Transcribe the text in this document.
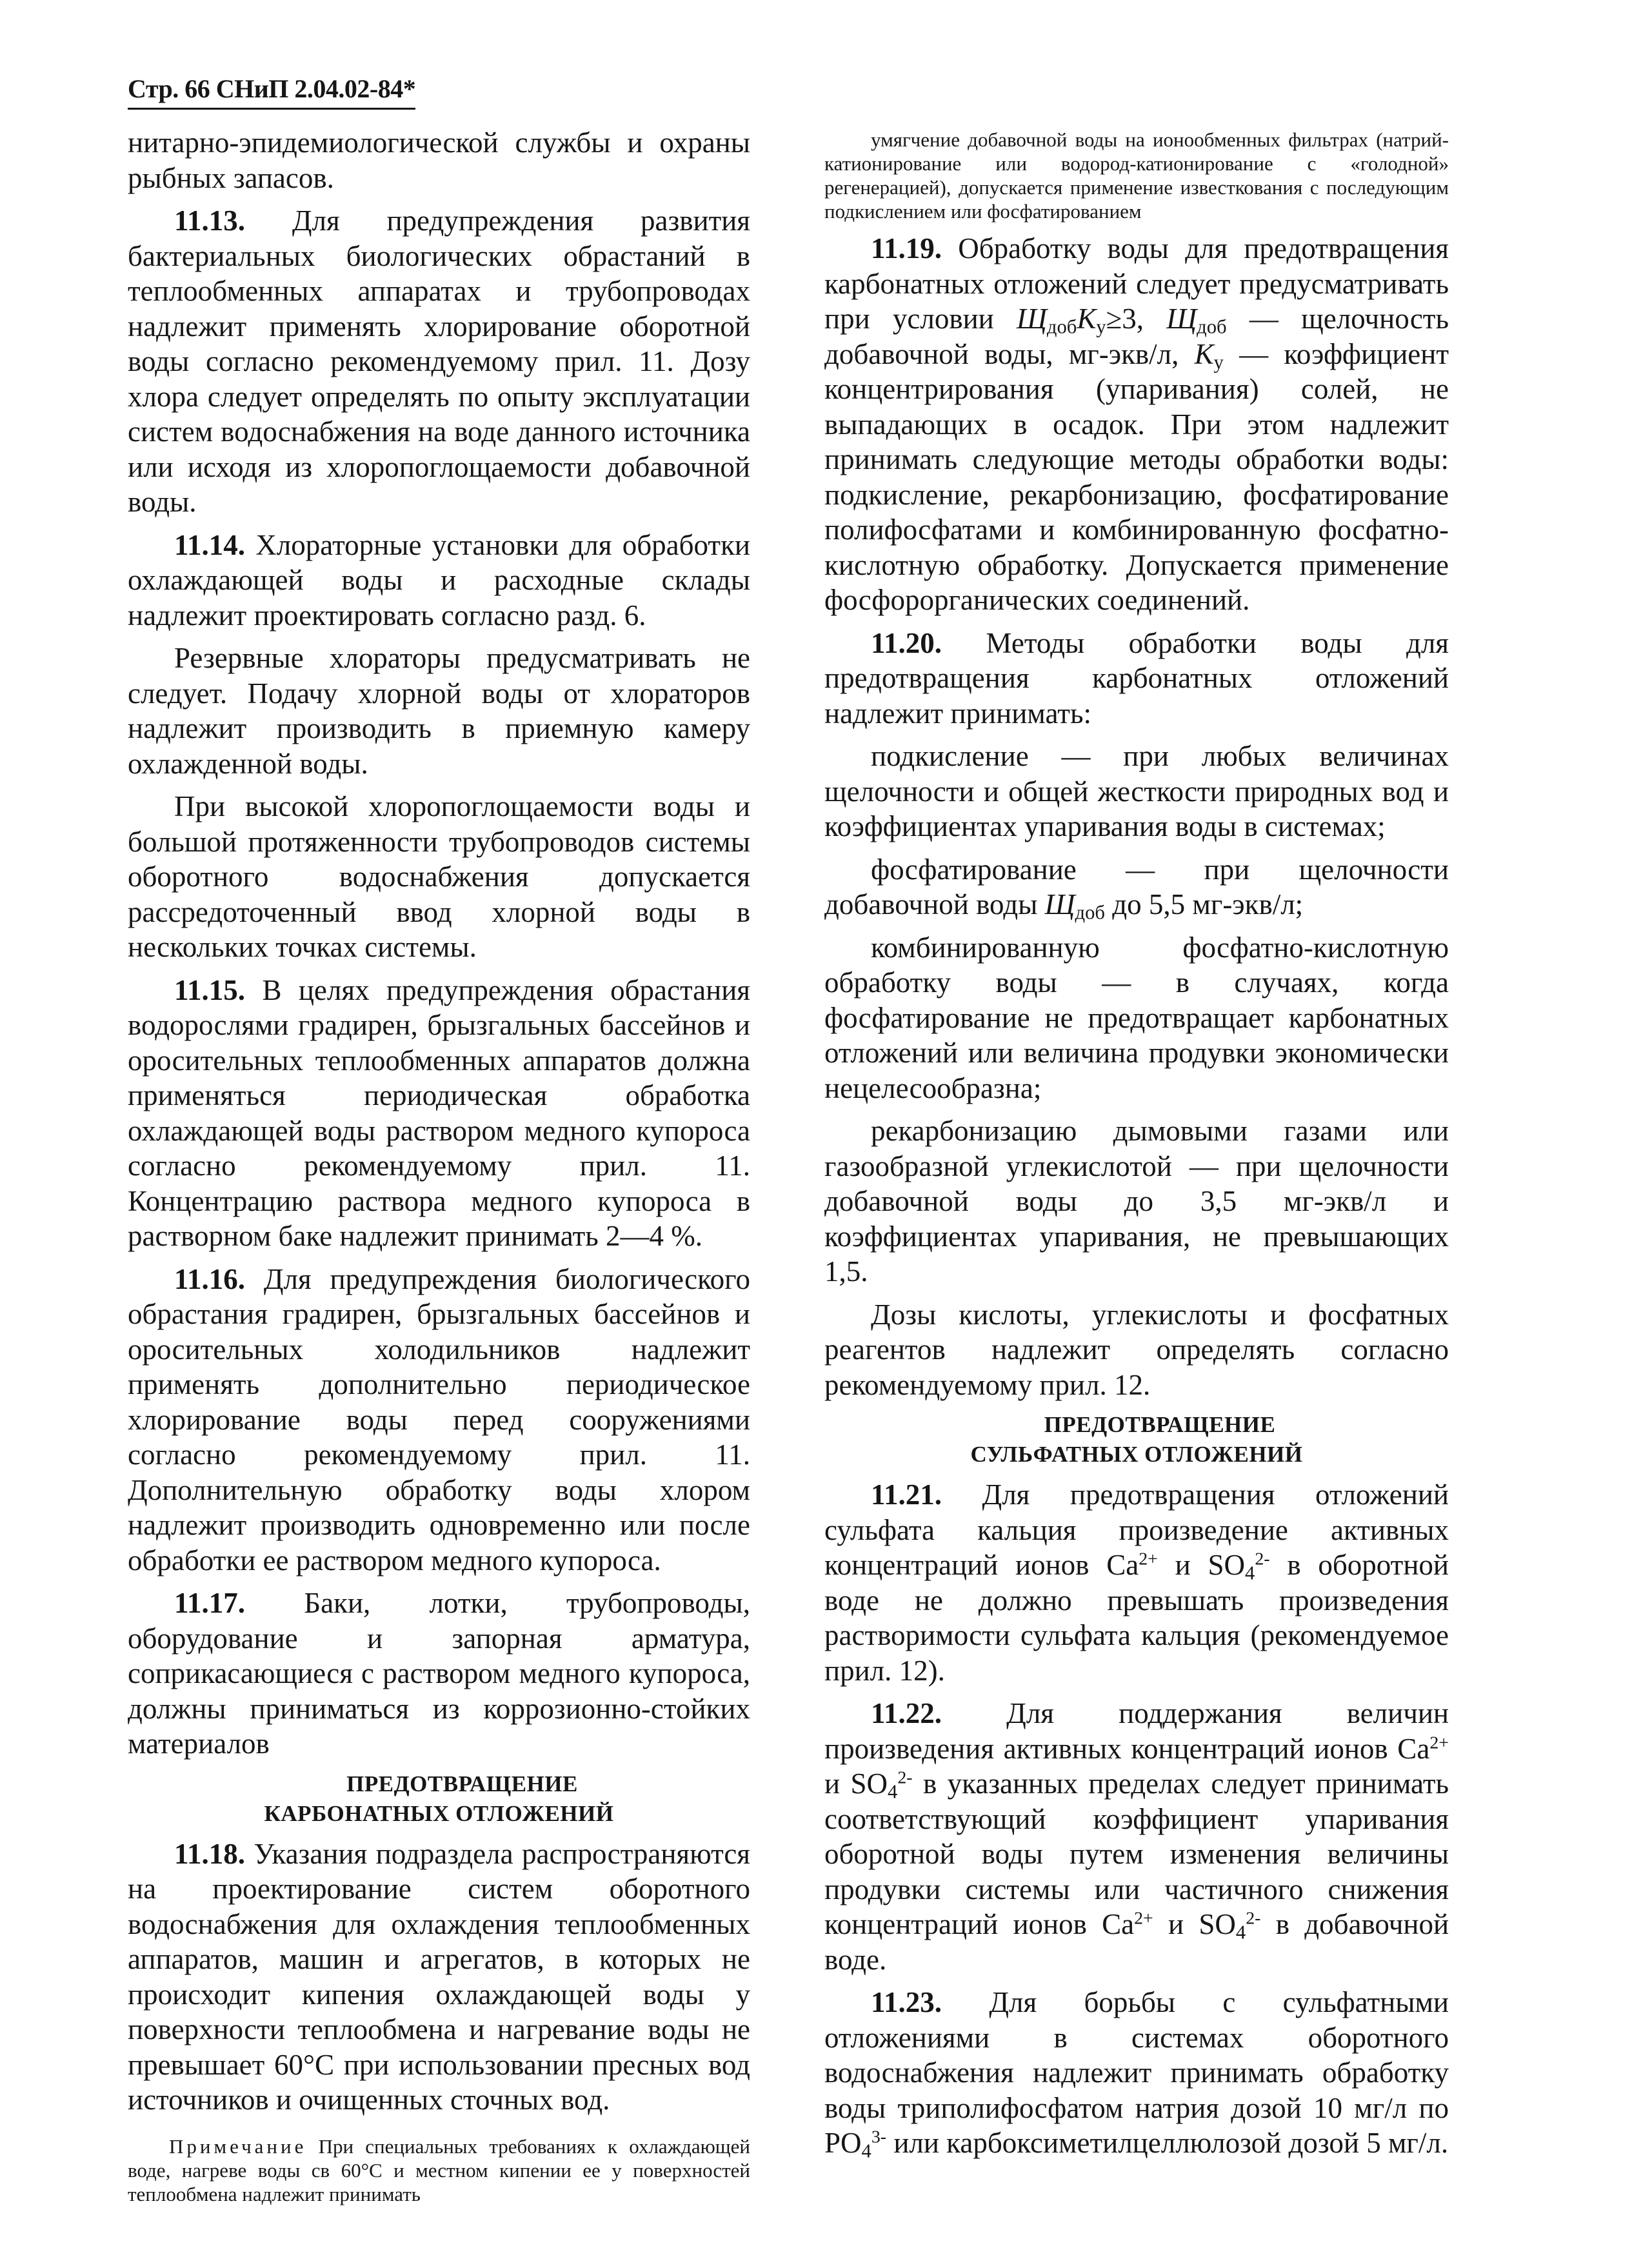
Стр. 66 СНиП 2.04.02-84*

нитарно-эпидемиологической службы и охраны рыбных запасов.

11.13. Для предупреждения развития бактериальных биологических обрастаний в теплообменных аппаратах и трубопроводах надлежит применять хлорирование оборотной воды согласно рекомендуемому прил. 11. Дозу хлора следует определять по опыту эксплуатации систем водоснабжения на воде данного источника или исходя из хлоропоглощаемости добавочной воды.

11.14. Хлораторные установки для обработки охлаждающей воды и расходные склады надлежит проектировать согласно разд. 6.

Резервные хлораторы предусматривать не следует. Подачу хлорной воды от хлораторов надлежит производить в приемную камеру охлажденной воды.

При высокой хлоропоглощаемости воды и большой протяженности трубопроводов системы оборотного водоснабжения допускается рассредоточенный ввод хлорной воды в нескольких точках системы.

11.15. В целях предупреждения обрастания водорослями градирен, брызгальных бассейнов и оросительных теплообменных аппаратов должна применяться периодическая обработка охлаждающей воды раствором медного купороса согласно рекомендуемому прил. 11. Концентрацию раствора медного купороса в растворном баке надлежит принимать 2—4 %.

11.16. Для предупреждения биологического обрастания градирен, брызгальных бассейнов и оросительных холодильников надлежит применять дополнительно периодическое хлорирование воды перед сооружениями согласно рекомендуемому прил. 11. Дополнительную обработку воды хлором надлежит производить одновременно или после обработки ее раствором медного купороса.

11.17. Баки, лотки, трубопроводы, оборудование и запорная арматура, соприкасающиеся с раствором медного купороса, должны приниматься из коррозионно-стойких материалов

ПРЕДОТВРАЩЕНИЕ
КАРБОНАТНЫХ ОТЛОЖЕНИЙ

11.18. Указания подраздела распространяются на проектирование систем оборотного водоснабжения для охлаждения теплообменных аппаратов, машин и агрегатов, в которых не происходит кипения охлаждающей воды у поверхности теплообмена и нагревание воды не превышает 60°С при использовании пресных вод источников и очищенных сточных вод.

Примечание При специальных требованиях к охлаждающей воде, нагреве воды св 60°С и местном кипении ее у поверхностей теплообмена надлежит принимать

умягчение добавочной воды на ионообменных фильтрах (натрий-катионирование или водород-катионирование с «голодной» регенерацией), допускается применение известкования с последующим подкислением или фосфатированием

11.19. Обработку воды для предотвращения карбонатных отложений следует предусматривать при условии $Щ_{доб}К_у\ge 3$, $Щ_{доб}$ — щелочность добавочной воды, мг-экв/л, $К_у$ — коэффициент концентрирования (упаривания) солей, не выпадающих в осадок. При этом надлежит принимать следующие методы обработки воды: подкисление, рекарбонизацию, фосфатирование полифосфатами и комбинированную фосфатно-кислотную обработку. Допускается применение фосфорорганических соединений.

11.20. Методы обработки воды для предотвращения карбонатных отложений надлежит принимать:

подкисление — при любых величинах щелочности и общей жесткости природных вод и коэффициентах упаривания воды в системах;

фосфатирование — при щелочности добавочной воды $Щ_{доб}$ до 5,5 мг-экв/л;

комбинированную фосфатно-кислотную обработку воды — в случаях, когда фосфатирование не предотвращает карбонатных отложений или величина продувки экономически нецелесообразна;

рекарбонизацию дымовыми газами или газообразной углекислотой — при щелочности добавочной воды до 3,5 мг-экв/л и коэффициентах упаривания, не превышающих 1,5.

Дозы кислоты, углекислоты и фосфатных реагентов надлежит определять согласно рекомендуемому прил. 12.

ПРЕДОТВРАЩЕНИЕ
СУЛЬФАТНЫХ ОТЛОЖЕНИЙ

11.21. Для предотвращения отложений сульфата кальция произведение активных концентраций ионов $Ca^{2+}$ и $SO_4^{2-}$ в оборотной воде не должно превышать произведения растворимости сульфата кальция (рекомендуемое прил. 12).

11.22. Для поддержания величин произведения активных концентраций ионов $Ca^{2+}$ и $SO_4^{2-}$ в указанных пределах следует принимать соответствующий коэффициент упаривания оборотной воды путем изменения величины продувки системы или частичного снижения концентраций ионов $Ca^{2+}$ и $SO_4^{2-}$ в добавочной воде.

11.23. Для борьбы с сульфатными отложениями в системах оборотного водоснабжения надлежит принимать обработку воды триполифосфатом натрия дозой 10 мг/л по $PO_4^{3-}$ или карбоксиметилцеллюлозой дозой 5 мг/л.
